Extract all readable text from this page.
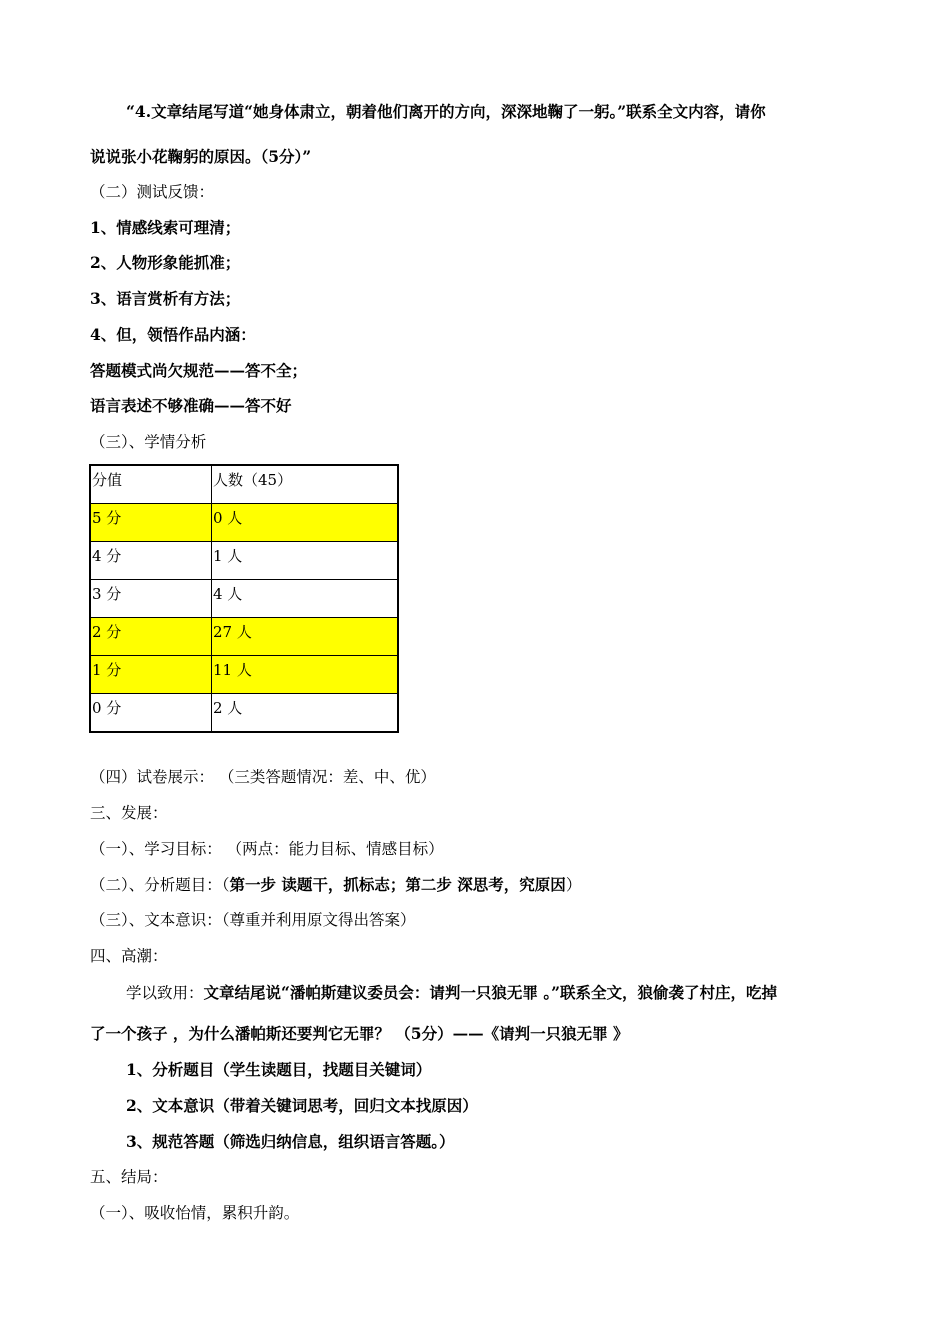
“4.文章结尾写道“她身体肃立，朝着他们离开的方向，深深地鞠了一躬。”联系全文内容，请你
说说张小花鞠躬的原因。（5分）”
（二）测试反馈：
1、情感线索可理清；
2、人物形象能抓准；
3、语言赏析有方法；
4、但，领悟作品内涵：
答题模式尚欠规范——答不全；
语言表述不够准确——答不好
（三）、学情分析
分值	人数（45）
5 分	0 人
4 分	1 人
3 分	4 人
2 分	27 人
1 分	11 人
0 分	2 人
（四）试卷展示： （三类答题情况：差、中、优）
三、发展：
（一）、学习目标： （两点：能力目标、情感目标）
（二）、分析题目：（第一步 读题干，抓标志；第二步 深思考，究原因）
（三）、文本意识：（尊重并利用原文得出答案）
四、高潮：
学以致用：文章结尾说“潘帕斯建议委员会：请判一只狼无罪 。”联系全文，狼偷袭了村庄，吃掉
了一个孩子 ，为什么潘帕斯还要判它无罪？ （5分）——《请判一只狼无罪 》
1、分析题目（学生读题目，找题目关键词）
2、文本意识（带着关键词思考，回归文本找原因）
3、规范答题（筛选归纳信息，组织语言答题。）
五、结局：
（一）、吸收怡情，累积升韵。
